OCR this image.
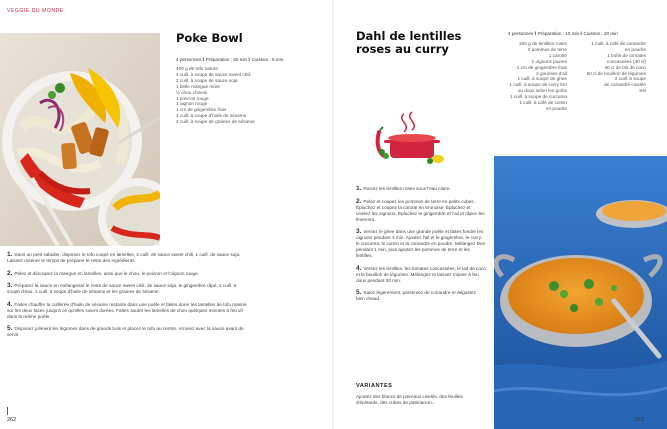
VEGGIE DU MONDE
Poke Bowl
4 personnes ‖ Préparation : 20 min ‖ Cuisson : 5 min
400 g de tofu nature
4 cuill. à soupe de sauce sweet chili
2 cuill. à soupe de sauce soja
1 belle mangue mûre
½ chou chinois
1 poivron rouge
1 oignon rouge
1 cm de gingembre frais
2 cuill. à soupe d'huile de sésame
2 cuill. à soupe de graines de sésame
1. Dans un petit saladier, disposez le tofu coupé en lamelles, 2 cuill. de sauce sweet chili, 1 cuill. de sauce soja. Laissez mariner le temps de préparer le reste des ingrédients.
2. Pelez et découpez la mangue en lamelles, ainsi que le chou, le poivron et l'oignon rouge.
3. Préparez la sauce en mélangeant le reste de sauce sweet chili, de sauce soja, le gingembre râpé, 2 cuill. à soupe d'eau, 1 cuill. à soupe d'huile de sésame et les graines de sésame.
4. Faites chauffer la cuillerée d'huile de sésame restante dans une poêle et faites dorer les lamelles de tofu mariné sur les deux faces jusqu'à ce qu'elles soient dorées. Faites sauter les lamelles de chou quelques minutes à feu vif dans la même poêle.
5. Disposez joliment les légumes dans de grands bols et placez le tofu au centre. Arrosez avec la sauce avant de servir.
262
Dahl de lentilles roses au curry
4 personnes ‖ Préparation : 10 min ‖ Cuisson : 20 min
300 g de lentilles roses
2 pommes de terre
1 carotte
2 oignons jaunes
2 cm de gingembre frais
2 gousses d'ail
1 cuill. à soupe de ghee
1 cuill. à soupe de curry fort
ou doux selon les goûts
1 cuill. à soupe de curcuma
1 cuill. à café de cumin
en poudre
1 cuill. à café de coriandre
en poudre
1 boîte de tomates
concassées (40 cl)
40 cl de lait de coco
50 cl de bouillon de légumes
2 cuill. à soupe
de coriandre ciselée
Sel
1. Rincez les lentilles roses sous l'eau claire.
2. Pelez et coupez les pommes de terre en petits cubes. Épluchez et coupez la carotte en brunoise. Épluchez et ciselez les oignons. Épluchez le gingembre et l'ail et râpez-les finement.
3. Versez le ghee dans une grande poêle et faites fondre les oignons pendant 3 min. Ajoutez l'ail et le gingembre, le curry, le curcuma, le cumin et la coriandre en poudre. Mélangez bien pendant 1 min, puis ajoutez les pommes de terre et les lentilles.
4. Versez les lentilles, les tomates concassées, le lait de coco et le bouillon de légumes. Mélangez et laissez mijoter à feu doux pendant 20 min.
5. Salez légèrement, parsemez de coriandre et dégustez bien chaud.
VARIANTES
Ajoutez des blancs de poireaux ciselés, des feuilles d'épinards, des cubes de patimarron...
263
